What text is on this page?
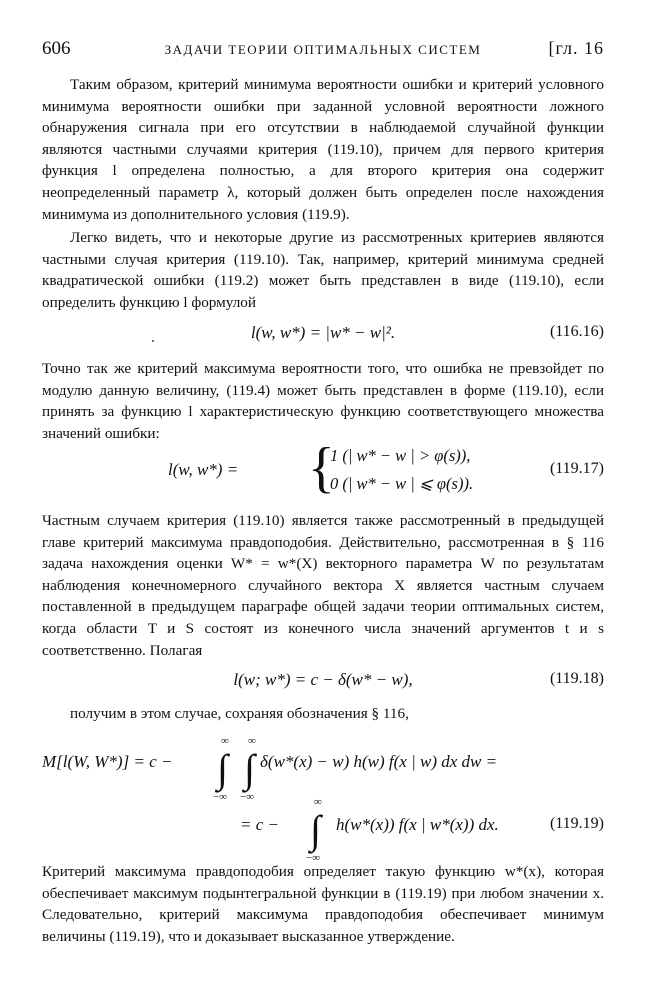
606	ЗАДАЧИ ТЕОРИИ ОПТИМАЛЬНЫХ СИСТЕМ	[гл. 16

Таким образом, критерий минимума вероятности ошибки и критерий условного минимума вероятности ошибки при заданной условной вероятности ложного обнаружения сигнала при его отсутствии в наблюдаемой случайной функции являются частными случаями критерия (119.10), причем для первого критерия функция l определена полностью, а для второго критерия она содержит неопределенный параметр λ, который должен быть определен после нахождения минимума из дополнительного условия (119.9).

Легко видеть, что и некоторые другие из рассмотренных критериев являются частными случая критерия (119.10). Так, например, критерий минимума средней квадратической ошибки (119.2) может быть представлен в виде (119.10), если определить функцию l формулой

l(w, w*) = |w* − w|².	(116.16)

Точно так же критерий максимума вероятности того, что ошибка не превзойдет по модулю данную величину, (119.4) может быть представлен в форме (119.10), если принять за функцию l характеристическую функцию соответствующего множества значений ошибки:

l(w, w*) = {
1 (| w* − w | > φ(s)),
0 (| w* − w | ⩽ φ(s)).
(119.17)

Частным случаем критерия (119.10) является также рассмотренный в предыдущей главе критерий максимума правдоподобия. Действительно, рассмотренная в § 116 задача нахождения оценки W* = w*(X) векторного параметра W по результатам наблюдения конечномерного случайного вектора X является частным случаем поставленной в предыдущем параграфе общей задачи теории оптимальных систем, когда области T и S состоят из конечного числа значений аргументов t и s соответственно. Полагая

l(w; w*) = c − δ(w* − w),	(119.18)

получим в этом случае, сохраняя обозначения § 116,

M[l(W, W*)] = c −
∞
∫
−∞
∞
∫
−∞
δ(w*(x) − w) h(w) f(x | w) dx dw =
= c −
∞
∫
−∞
h(w*(x)) f(x | w*(x)) dx.	(119.19)

Критерий максимума правдоподобия определяет такую функцию w*(x), которая обеспечивает максимум подынтегральной функции в (119.19) при любом значении x. Следовательно, критерий максимума правдоподобия обеспечивает минимум величины (119.19), что и доказывает высказанное утверждение.
